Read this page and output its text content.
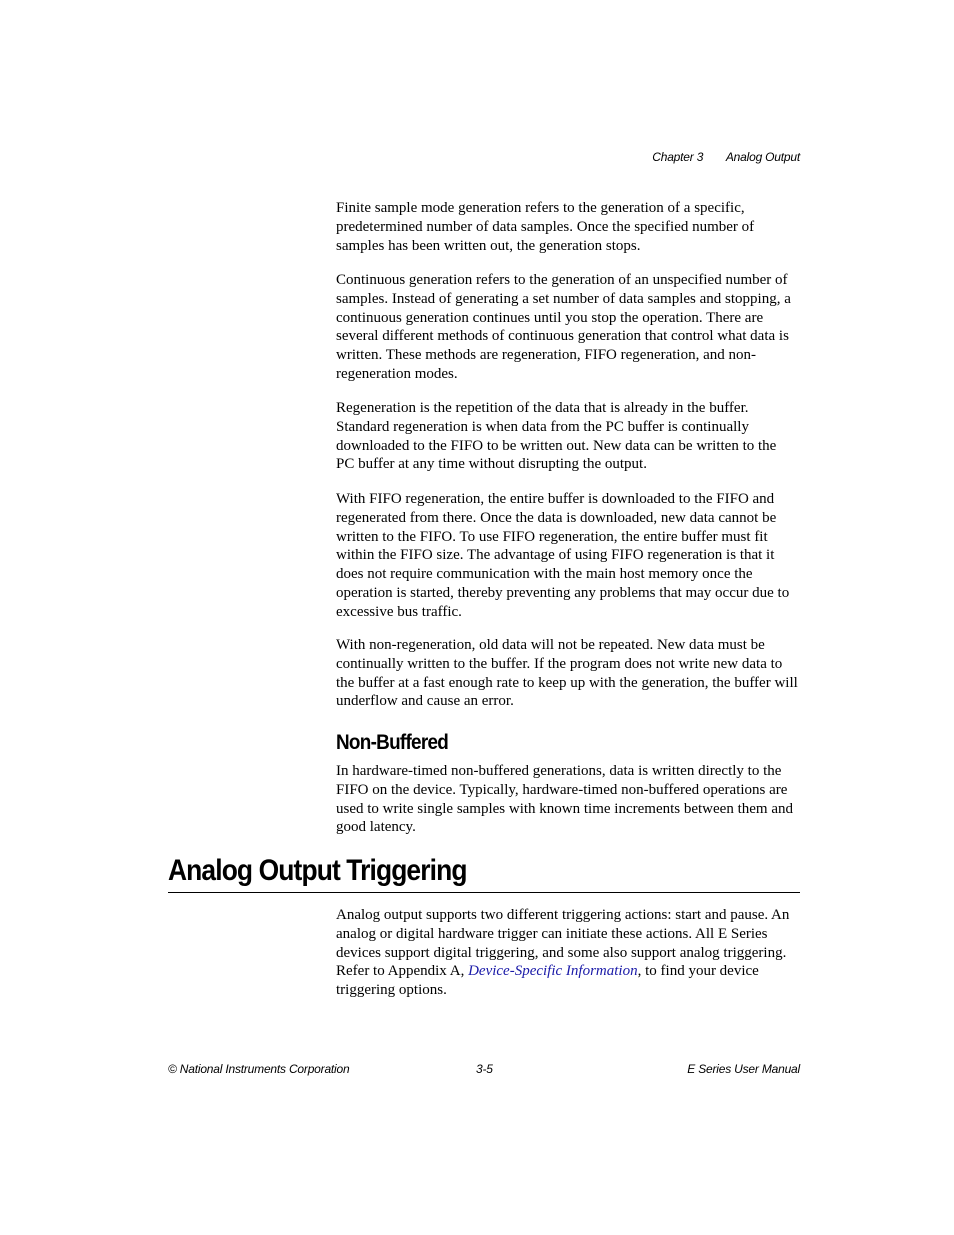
Chapter 3 Analog Output

Finite sample mode generation refers to the generation of a specific, predetermined number of data samples. Once the specified number of samples has been written out, the generation stops.

Continuous generation refers to the generation of an unspecified number of samples. Instead of generating a set number of data samples and stopping, a continuous generation continues until you stop the operation. There are several different methods of continuous generation that control what data is written. These methods are regeneration, FIFO regeneration, and non-regeneration modes.

Regeneration is the repetition of the data that is already in the buffer. Standard regeneration is when data from the PC buffer is continually downloaded to the FIFO to be written out. New data can be written to the PC buffer at any time without disrupting the output.

With FIFO regeneration, the entire buffer is downloaded to the FIFO and regenerated from there. Once the data is downloaded, new data cannot be written to the FIFO. To use FIFO regeneration, the entire buffer must fit within the FIFO size. The advantage of using FIFO regeneration is that it does not require communication with the main host memory once the operation is started, thereby preventing any problems that may occur due to excessive bus traffic.

With non-regeneration, old data will not be repeated. New data must be continually written to the buffer. If the program does not write new data to the buffer at a fast enough rate to keep up with the generation, the buffer will underflow and cause an error.

Non-Buffered

In hardware-timed non-buffered generations, data is written directly to the FIFO on the device. Typically, hardware-timed non-buffered operations are used to write single samples with known time increments between them and good latency.

Analog Output Triggering

Analog output supports two different triggering actions: start and pause. An analog or digital hardware trigger can initiate these actions. All E Series devices support digital triggering, and some also support analog triggering. Refer to Appendix A, Device-Specific Information, to find your device triggering options.

© National Instruments Corporation	3-5	E Series User Manual
